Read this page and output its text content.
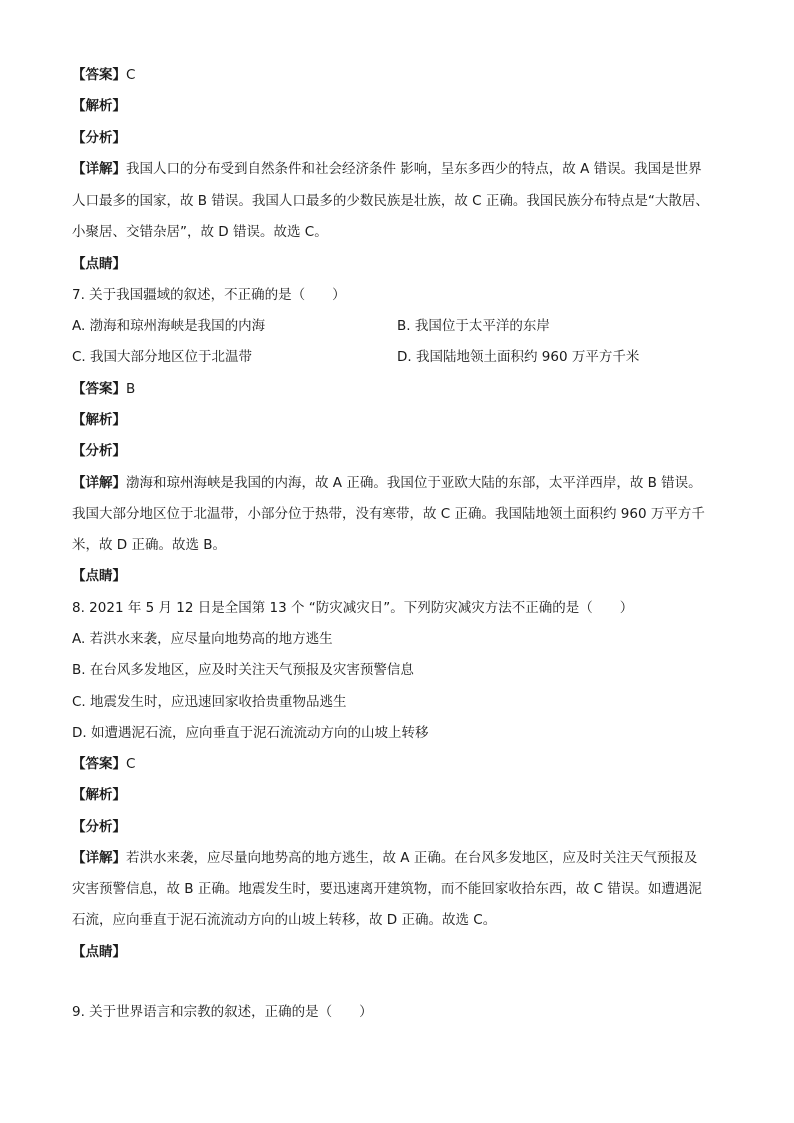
【答案】C
【解析】
【分析】
【详解】我国人口的分布受到自然条件和社会经济条件 影响，呈东多西少的特点，故 A 错误。我国是世界
人口最多的国家，故 B 错误。我国人口最多的少数民族是壮族，故 C 正确。我国民族分布特点是“大散居、
小聚居、交错杂居”，故 D 错误。故选 C。
【点睛】
7. 关于我国疆域的叙述，不正确的是（　　）
A. 渤海和琼州海峡是我国的内海	B. 我国位于太平洋的东岸
C. 我国大部分地区位于北温带	D. 我国陆地领土面积约 960 万平方千米
【答案】B
【解析】
【分析】
【详解】渤海和琼州海峡是我国的内海，故 A 正确。我国位于亚欧大陆的东部，太平洋西岸，故 B 错误。
我国大部分地区位于北温带，小部分位于热带，没有寒带，故 C 正确。我国陆地领土面积约 960 万平方千
米，故 D 正确。故选 B。
【点睛】
8. 2021 年 5 月 12 日是全国第 13 个 “防灾减灾日”。下列防灾减灾方法不正确的是（　　）
A. 若洪水来袭，应尽量向地势高的地方逃生
B. 在台风多发地区，应及时关注天气预报及灾害预警信息
C. 地震发生时，应迅速回家收拾贵重物品逃生
D. 如遭遇泥石流，应向垂直于泥石流流动方向的山坡上转移
【答案】C
【解析】
【分析】
【详解】若洪水来袭，应尽量向地势高的地方逃生，故 A 正确。在台风多发地区，应及时关注天气预报及
灾害预警信息，故 B 正确。地震发生时，要迅速离开建筑物，而不能回家收拾东西，故 C 错误。如遭遇泥
石流，应向垂直于泥石流流动方向的山坡上转移，故 D 正确。故选 C。
【点睛】
9. 关于世界语言和宗教的叙述，正确的是（　　）
